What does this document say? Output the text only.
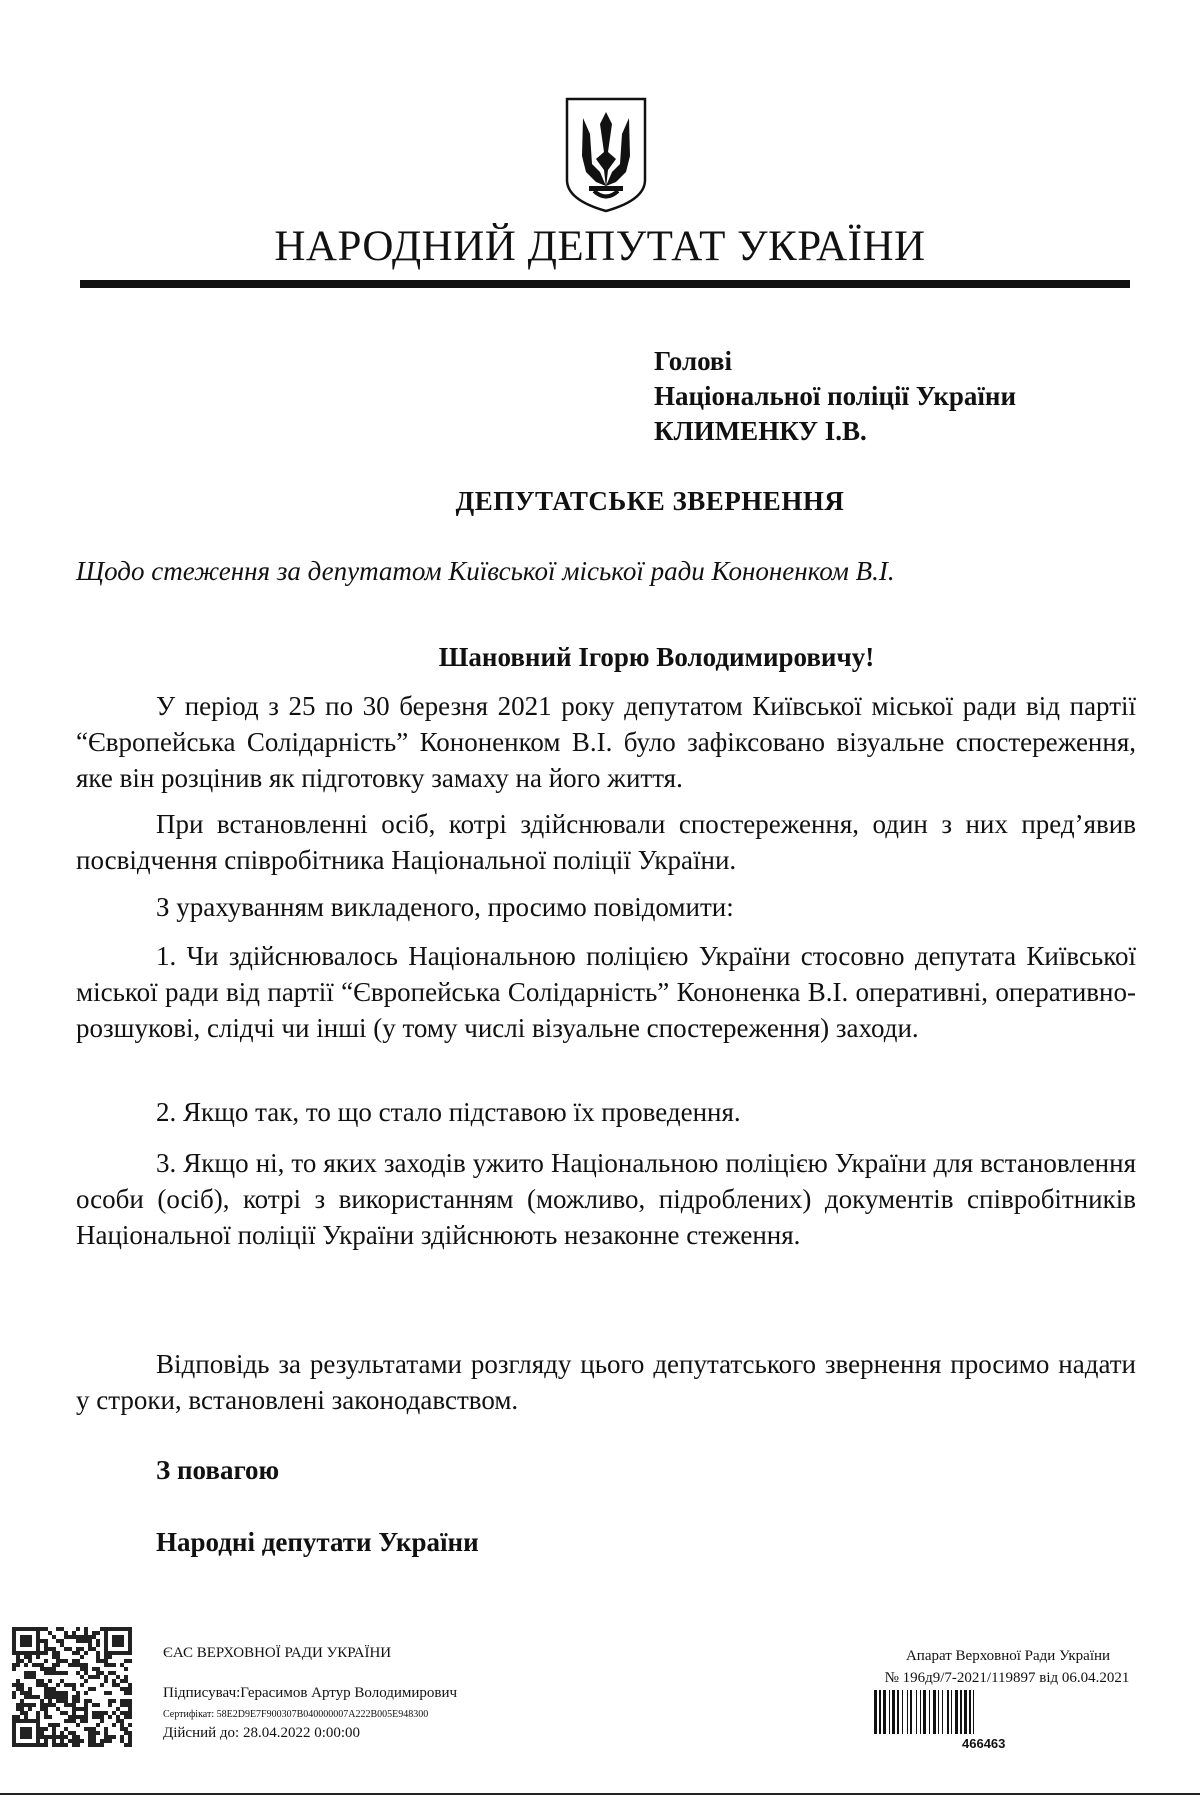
НАРОДНИЙ ДЕПУТАТ УКРАЇНИ
Голові
Національної поліції України
КЛИМЕНКУ І.В.
ДЕПУТАТСЬКЕ ЗВЕРНЕННЯ
Щодо стеження за депутатом Київської міської ради Кононенком В.І.
Шановний Ігорю Володимировичу!
У період з 25 по 30 березня 2021 року депутатом Київської міської ради від партії “Європейська Солідарність” Кононенком В.І. було зафіксовано візуальне спостереження, яке він розцінив як підготовку замаху на його життя.
При встановленні осіб, котрі здійснювали спостереження, один з них пред’явив посвідчення співробітника Національної поліції України.
З урахуванням викладеного, просимо повідомити:
1. Чи здійснювалось Національною поліцією України стосовно депутата Київської міської ради від партії “Європейська Солідарність” Кононенка В.І. оперативні, оперативно-розшукові, слідчі чи інші (у тому числі візуальне спостереження) заходи.
2. Якщо так, то що стало підставою їх проведення.
3. Якщо ні, то яких заходів ужито Національною поліцією України для встановлення особи (осіб), котрі з використанням (можливо, підроблених) документів співробітників Національної поліції України здійснюють незаконне стеження.
Відповідь за результатами розгляду цього депутатського звернення просимо надати у строки, встановлені законодавством.
З повагою
Народні депутати України
ЄАС ВЕРХОВНОЇ РАДИ УКРАЇНИ
Підписувач:Герасимов Артур Володимирович
Сертифікат: 58E2D9E7F900307B040000007A222B005E948300
Дійсний до: 28.04.2022 0:00:00
Апарат Верховної Ради України
№ 196д9/7-2021/119897 від 06.04.2021
466463
